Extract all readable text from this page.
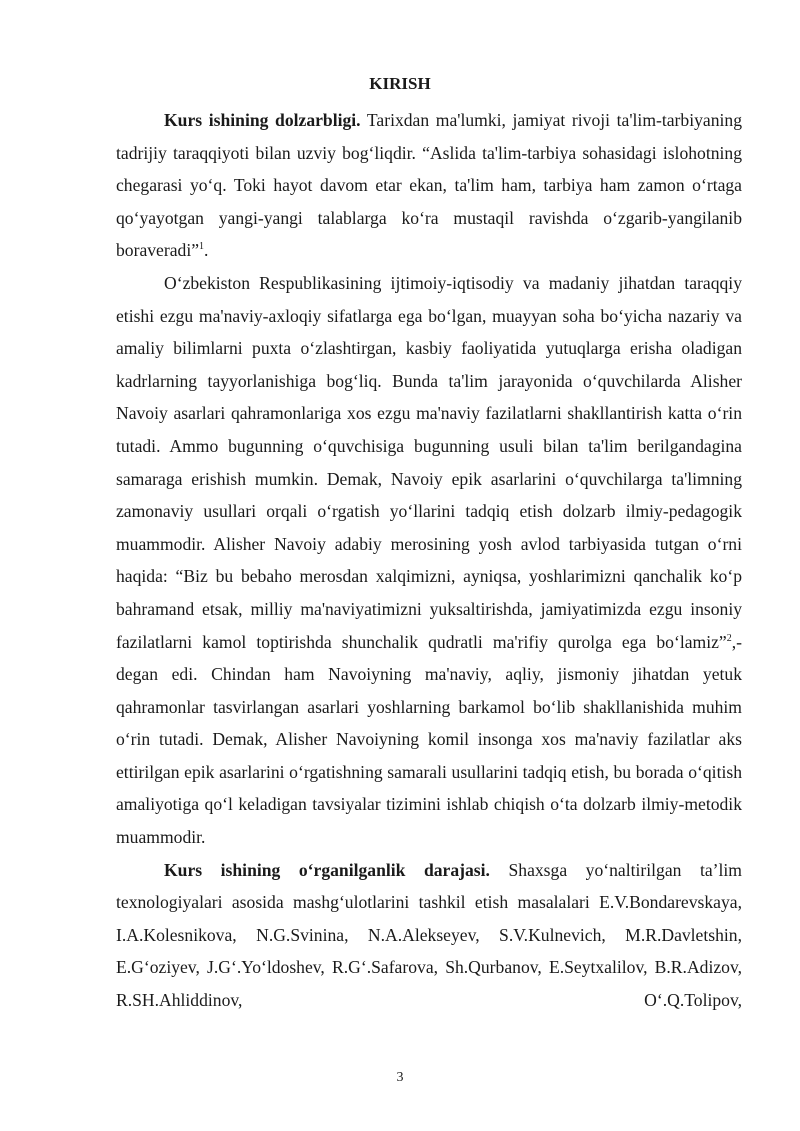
KIRISH

Kurs ishining dolzarbligi. Tarixdan ma'lumki, jamiyat rivoji ta'lim-tarbiyaning tadrijiy taraqqiyoti bilan uzviy bog‘liqdir. “Aslida ta'lim-tarbiya sohasidagi islohotning chegarasi yo‘q. Toki hayot davom etar ekan, ta'lim ham, tarbiya ham zamon o‘rtaga qo‘yayotgan yangi-yangi talablarga ko‘ra mustaqil ravishda o‘zgarib-yangilanib boraveradi”$^1$.

O‘zbekiston Respublikasining ijtimoiy-iqtisodiy va madaniy jihatdan taraqqiy etishi ezgu ma'naviy-axloqiy sifatlarga ega bo‘lgan, muayyan soha bo‘yicha nazariy va amaliy bilimlarni puxta o‘zlashtirgan, kasbiy faoliyatida yutuqlarga erisha oladigan kadrlarning tayyorlanishiga bog‘liq. Bunda ta'lim jarayonida o‘quvchilarda Alisher Navoiy asarlari qahramonlariga xos ezgu ma'naviy fazilatlarni shakllantirish katta o‘rin tutadi. Ammo bugunning o‘quvchisiga bugunning usuli bilan ta'lim berilgandagina samaraga erishish mumkin. Demak, Navoiy epik asarlarini o‘quvchilarga ta'limning zamonaviy usullari orqali o‘rgatish yo‘llarini tadqiq etish dolzarb ilmiy-pedagogik muammodir. Alisher Navoiy adabiy merosining yosh avlod tarbiyasida tutgan o‘rni haqida: “Biz bu bebaho merosdan xalqimizni, ayniqsa, yoshlarimizni qanchalik ko‘p bahramand etsak, milliy ma'naviyatimizni yuksaltirishda, jamiyatimizda ezgu insoniy fazilatlarni kamol toptirishda shunchalik qudratli ma'rifiy qurolga ega bo‘lamiz”$^2$,- degan edi. Chindan ham Navoiyning ma'naviy, aqliy, jismoniy jihatdan yetuk qahramonlar tasvirlangan asarlari yoshlarning barkamol bo‘lib shakllanishida muhim o‘rin tutadi. Demak, Alisher Navoiyning komil insonga xos ma'naviy fazilatlar aks ettirilgan epik asarlarini o‘rgatishning samarali usullarini tadqiq etish, bu borada o‘qitish amaliyotiga qo‘l keladigan tavsiyalar tizimini ishlab chiqish o‘ta dolzarb ilmiy-metodik muammodir.

Kurs ishining o‘rganilganlik darajasi. Shaxsga yo‘naltirilgan ta’lim texnologiyalari asosida mashg‘ulotlarini tashkil etish masalalari E.V.Bondarevskaya, I.A.Kolesnikova, N.G.Svinina, N.A.Alekseyev, S.V.Kulnevich, M.R.Davletshin, E.G‘oziyev, J.G‘.Yo‘ldoshev, R.G‘.Safarova, Sh.Qurbanov, E.Seytxalilov, B.R.Adizov, R.SH.Ahliddinov, O‘.Q.Tolipov,

3
